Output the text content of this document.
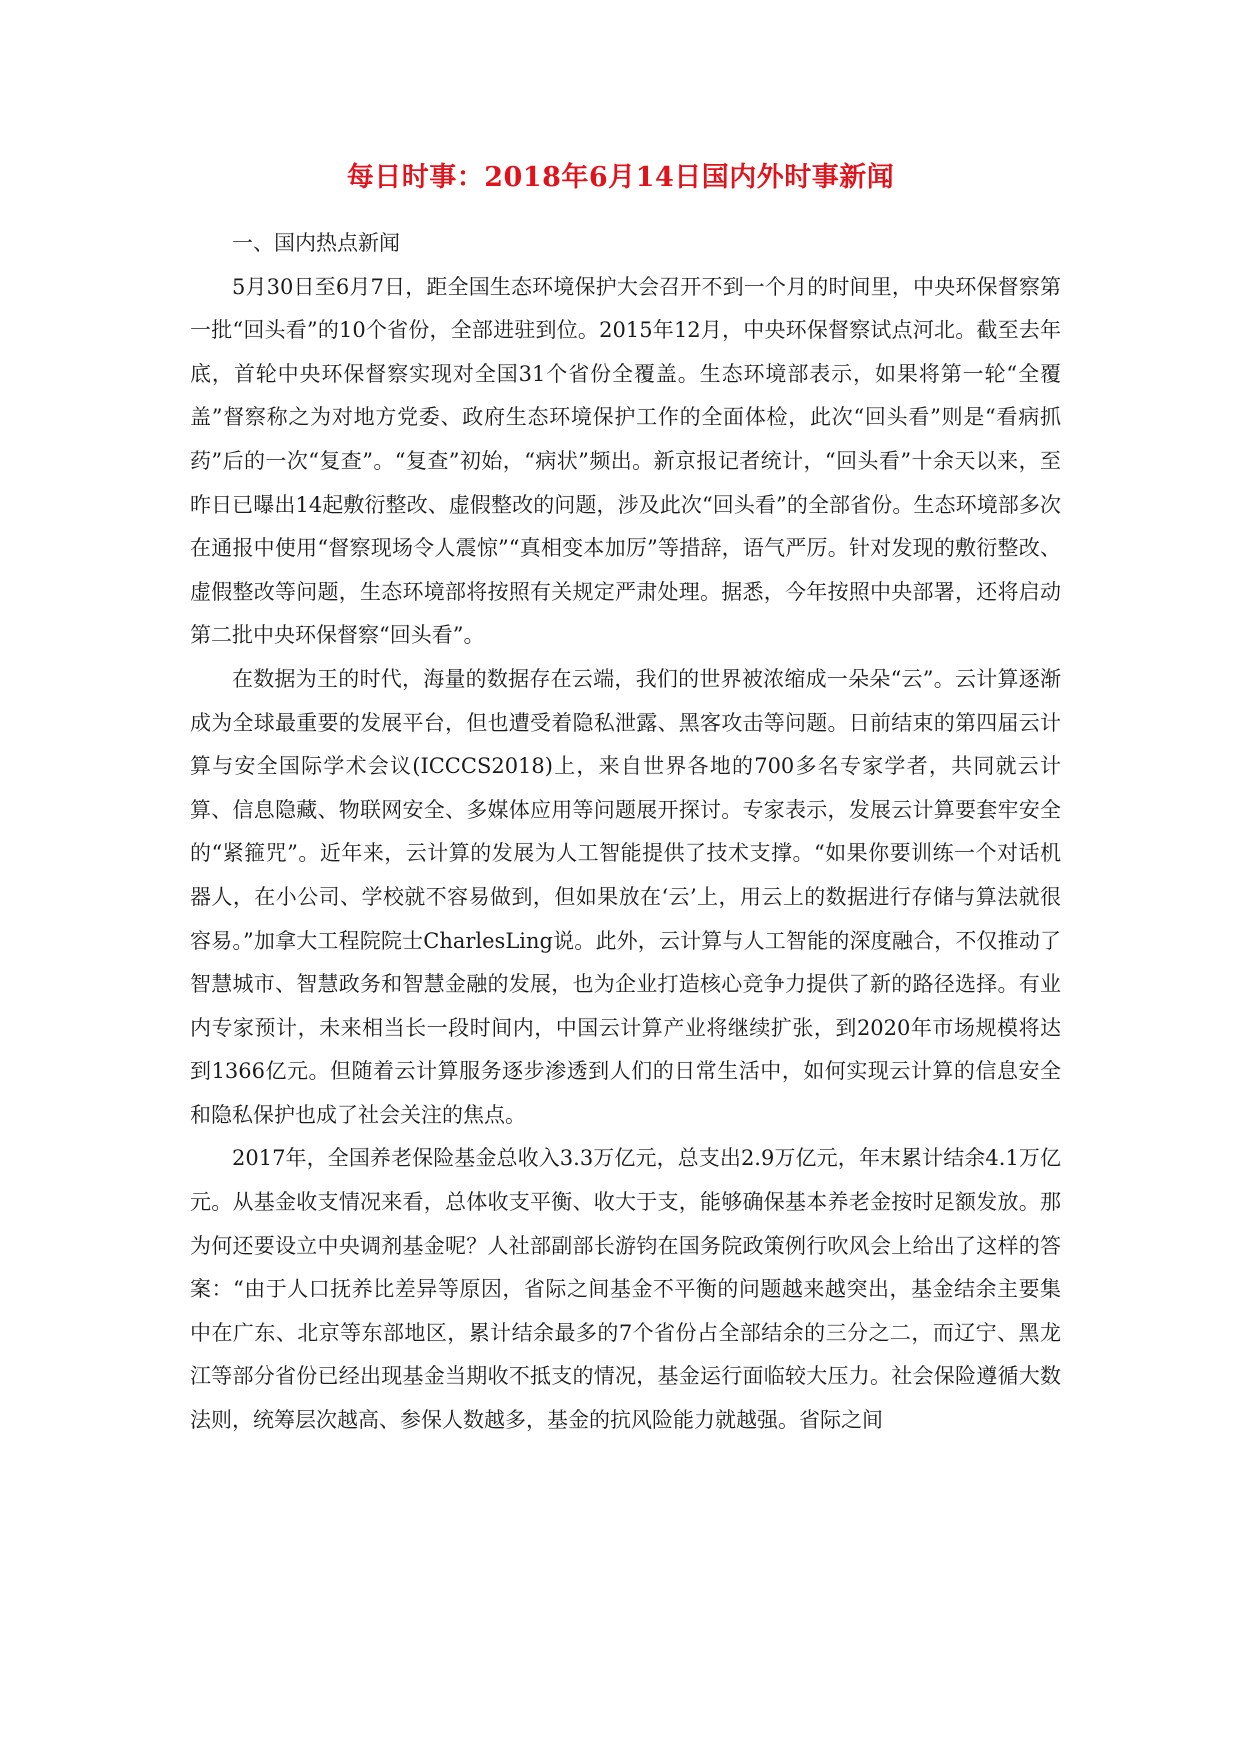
每日时事：2018年6月14日国内外时事新闻

一、国内热点新闻

5月30日至6月7日，距全国生态环境保护大会召开不到一个月的时间里，中央环保督察第一批“回头看”的10个省份，全部进驻到位。2015年12月，中央环保督察试点河北。截至去年底，首轮中央环保督察实现对全国31个省份全覆盖。生态环境部表示，如果将第一轮“全覆盖”督察称之为对地方党委、政府生态环境保护工作的全面体检，此次“回头看”则是“看病抓药”后的一次“复查”。“复查”初始，“病状”频出。新京报记者统计，“回头看”十余天以来，至昨日已曝出14起敷衍整改、虚假整改的问题，涉及此次“回头看”的全部省份。生态环境部多次在通报中使用“督察现场令人震惊”“真相变本加厉”等措辞，语气严厉。针对发现的敷衍整改、虚假整改等问题，生态环境部将按照有关规定严肃处理。据悉，今年按照中央部署，还将启动第二批中央环保督察“回头看”。

在数据为王的时代，海量的数据存在云端，我们的世界被浓缩成一朵朵“云”。云计算逐渐成为全球最重要的发展平台，但也遭受着隐私泄露、黑客攻击等问题。日前结束的第四届云计算与安全国际学术会议(ICCCS2018)上，来自世界各地的700多名专家学者，共同就云计算、信息隐藏、物联网安全、多媒体应用等问题展开探讨。专家表示，发展云计算要套牢安全的“紧箍咒”。近年来，云计算的发展为人工智能提供了技术支撑。“如果你要训练一个对话机器人，在小公司、学校就不容易做到，但如果放在‘云’上，用云上的数据进行存储与算法就很容易。”加拿大工程院院士CharlesLing说。此外，云计算与人工智能的深度融合，不仅推动了智慧城市、智慧政务和智慧金融的发展，也为企业打造核心竞争力提供了新的路径选择。有业内专家预计，未来相当长一段时间内，中国云计算产业将继续扩张，到2020年市场规模将达到1366亿元。但随着云计算服务逐步渗透到人们的日常生活中，如何实现云计算的信息安全和隐私保护也成了社会关注的焦点。

2017年，全国养老保险基金总收入3.3万亿元，总支出2.9万亿元，年末累计结余4.1万亿元。从基金收支情况来看，总体收支平衡、收大于支，能够确保基本养老金按时足额发放。那为何还要设立中央调剂基金呢？人社部副部长游钧在国务院政策例行吹风会上给出了这样的答案：“由于人口抚养比差异等原因，省际之间基金不平衡的问题越来越突出，基金结余主要集中在广东、北京等东部地区，累计结余最多的7个省份占全部结余的三分之二，而辽宁、黑龙江等部分省份已经出现基金当期收不抵支的情况，基金运行面临较大压力。社会保险遵循大数法则，统筹层次越高、参保人数越多，基金的抗风险能力就越强。省际之间
